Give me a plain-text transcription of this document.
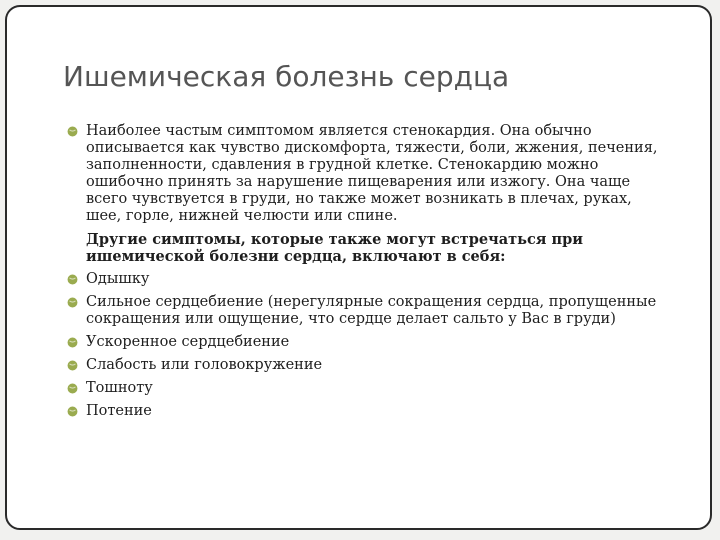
Ишемическая болезнь сердца
Наиболее частым симптомом является стенокардия. Она обычно описывается как чувство дискомфорта, тяжести, боли, жжения, печения, заполненности, сдавления в грудной клетке. Стенокардию можно ошибочно принять за нарушение пищеварения или изжогу. Она чаще всего чувствуется в груди, но также может возникать в плечах, руках, шее, горле, нижней челюсти или спине.
Другие симптомы, которые также могут встречаться при ишемической болезни сердца, включают в себя:
Одышку
Сильное сердцебиение (нерегулярные сокращения сердца, пропущенные сокращения или ощущение, что сердце делает сальто у Вас в груди)
Ускоренное сердцебиение
Слабость или головокружение
Тошноту
Потение
